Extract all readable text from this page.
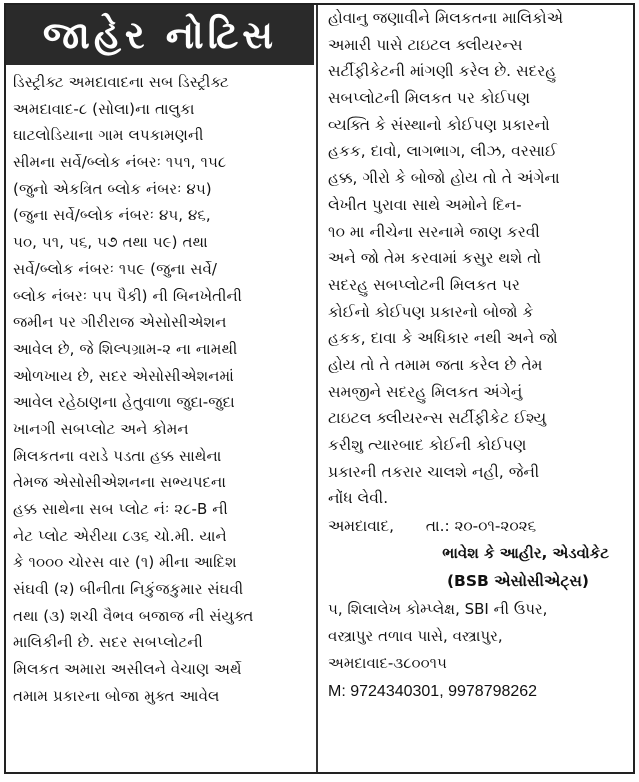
જાહેર નોટિસ
ડિસ્ટ્રીક્ટ અમદાવાદના સબ ડિસ્ટ્રીક્ટ
અમદાવાદ-૮ (સોલા)ના તાલુકા
ઘાટલોડિયાના ગામ લપકામણની
સીમના સર્વે/બ્લોક નંબરઃ ૧૫૧, ૧૫૮
(જુનો એકત્રિત બ્લોક નંબરઃ ૪૫)
(જુના સર્વે/બ્લોક નંબરઃ ૪૫, ૪૬,
૫૦, ૫૧, ૫૬, ૫૭ તથા ૫૯) તથા
સર્વે/બ્લોક નંબરઃ ૧૫૯ (જુના સર્વે/
બ્લોક નંબરઃ ૫૫ પૈકી) ની બિનખેતીની
જમીન પર ગીરીરાજ એસોસીએશન
આવેલ છે, જે શિલ્પગ્રામ-૨ ના નામથી
ઓળખાય છે, સદર એસોસીએશનમાં
આવેલ રહેઠાણના હેતુવાળા જુદા-જુદા
ખાનગી સબપ્લોટ અને કોમન
મિલકતના વરાડે પડતા હક્ક સાથેના
તેમજ એસોસીએશનના સભ્યપદના
હક્ક સાથેના સબ પ્લોટ નંઃ ૨૮-B ની
નેટ પ્લોટ એરીયા ૮૩૬ ચો.મી. યાને
કે ૧૦૦૦ ચોરસ વાર (૧) મીના આદિશ
સંઘવી (૨) બીનીતા નિકુંજકુમાર સંઘવી
તથા (૩) શચી વૈભવ બજાજ ની સંયુક્ત
માલિકીની છે. સદર સબપ્લોટની
મિલકત અમારા અસીલને વેચાણ અર્થે
તમામ પ્રકારના બોજા મુક્ત આવેલ
હોવાનુ જણાવીને મિલકતના માલિકોએ
અમારી પાસે ટાઇટલ ક્લીયરન્સ
સર્ટીફીકેટની માંગણી કરેલ છે. સદરહુ
સબપ્લોટની મિલકત પર કોઈપણ
વ્યક્તિ કે સંસ્થાનો કોઈપણ પ્રકારનો
હકક, દાવો, લાગભાગ, લીઝ, વરસાઈ
હક્ક, ગીરો કે બોજો હોય તો તે અંગેના
લેખીત પુરાવા સાથે અમોને દિન-
૧૦ મા નીચેના સરનામે જાણ કરવી
અને જો તેમ કરવામાં કસુર થશે તો
સદરહુ સબપ્લોટની મિલકત પર
કોઈનો કોઈપણ પ્રકારનો બોજો કે
હકક, દાવા કે અધિકાર નથી અને જો
હોય તો તે તમામ જતા કરેલ છે તેમ
સમજીને સદરહુ મિલકત અંગેનું
ટાઇટલ ક્લીયરન્સ સર્ટીફીકેટ ઈશ્યુ
કરીશુ ત્યારબાદ કોઈની કોઈપણ
પ્રકારની તકરાર ચાલશે નહી, જેની
નોંધ લેવી.
અમદાવાદ, તા.: ૨૦-૦૧-૨૦૨૬
ભાવેશ કે આહીર, એડવોકેટ
(BSB એસોસીએટ્સ)
૫, શિલાલેખ કોમ્પ્લેક્ષ, SBI ની ઉપર,
વસ્ત્રાપુર તળાવ પાસે, વસ્ત્રાપુર,
અમદાવાદ-૩૮૦૦૧૫
M: 9724340301, 9978798262
